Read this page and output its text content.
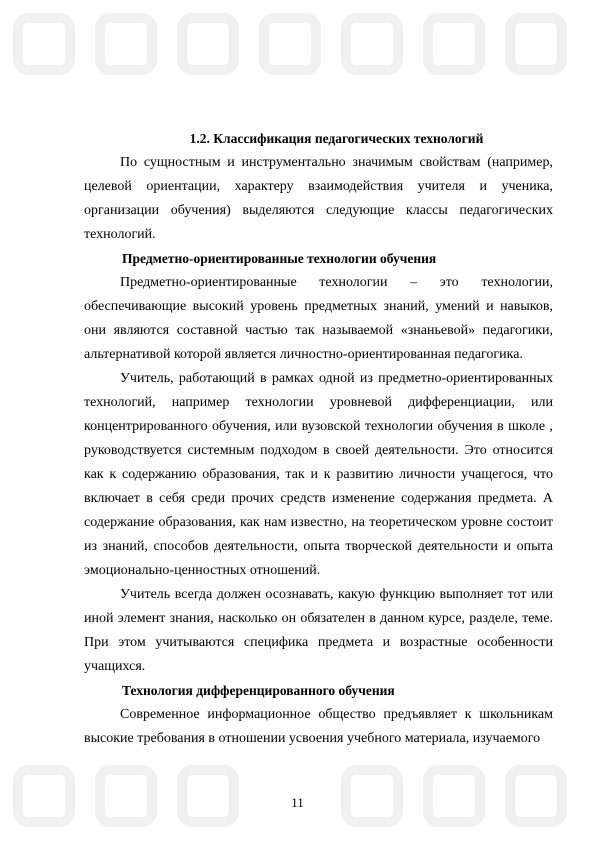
1.2. Классификация педагогических технологий

По сущностным и инструментально значимым свойствам (например, целевой ориентации, характеру взаимодействия учителя и ученика, организации обучения) выделяются следующие классы педагогических технологий.

Предметно-ориентированные технологии обучения

Предметно-ориентированные технологии – это технологии, обеспечивающие высокий уровень предметных знаний, умений и навыков, они являются составной частью так называемой «знаньевой» педагогики, альтернативой которой является личностно-ориентированная педагогика.

Учитель, работающий в рамках одной из предметно-ориентированных технологий, например технологии уровневой дифференциации, или концентрированного обучения, или вузовской технологии обучения в школе , руководствуется системным подходом в своей деятельности. Это относится как к содержанию образования, так и к развитию личности учащегося, что включает в себя среди прочих средств изменение содержания предмета. А содержание образования, как нам известно, на теоретическом уровне состоит из знаний, способов деятельности, опыта творческой деятельности и опыта эмоционально-ценностных отношений.

Учитель всегда должен осознавать, какую функцию выполняет тот или иной элемент знания, насколько он обязателен в данном курсе, разделе, теме. При этом учитываются специфика предмета и возрастные особенности учащихся.

Технология дифференцированного обучения

Современное информационное общество предъявляет к школьникам высокие требования в отношении усвоения учебного материала, изучаемого

11
